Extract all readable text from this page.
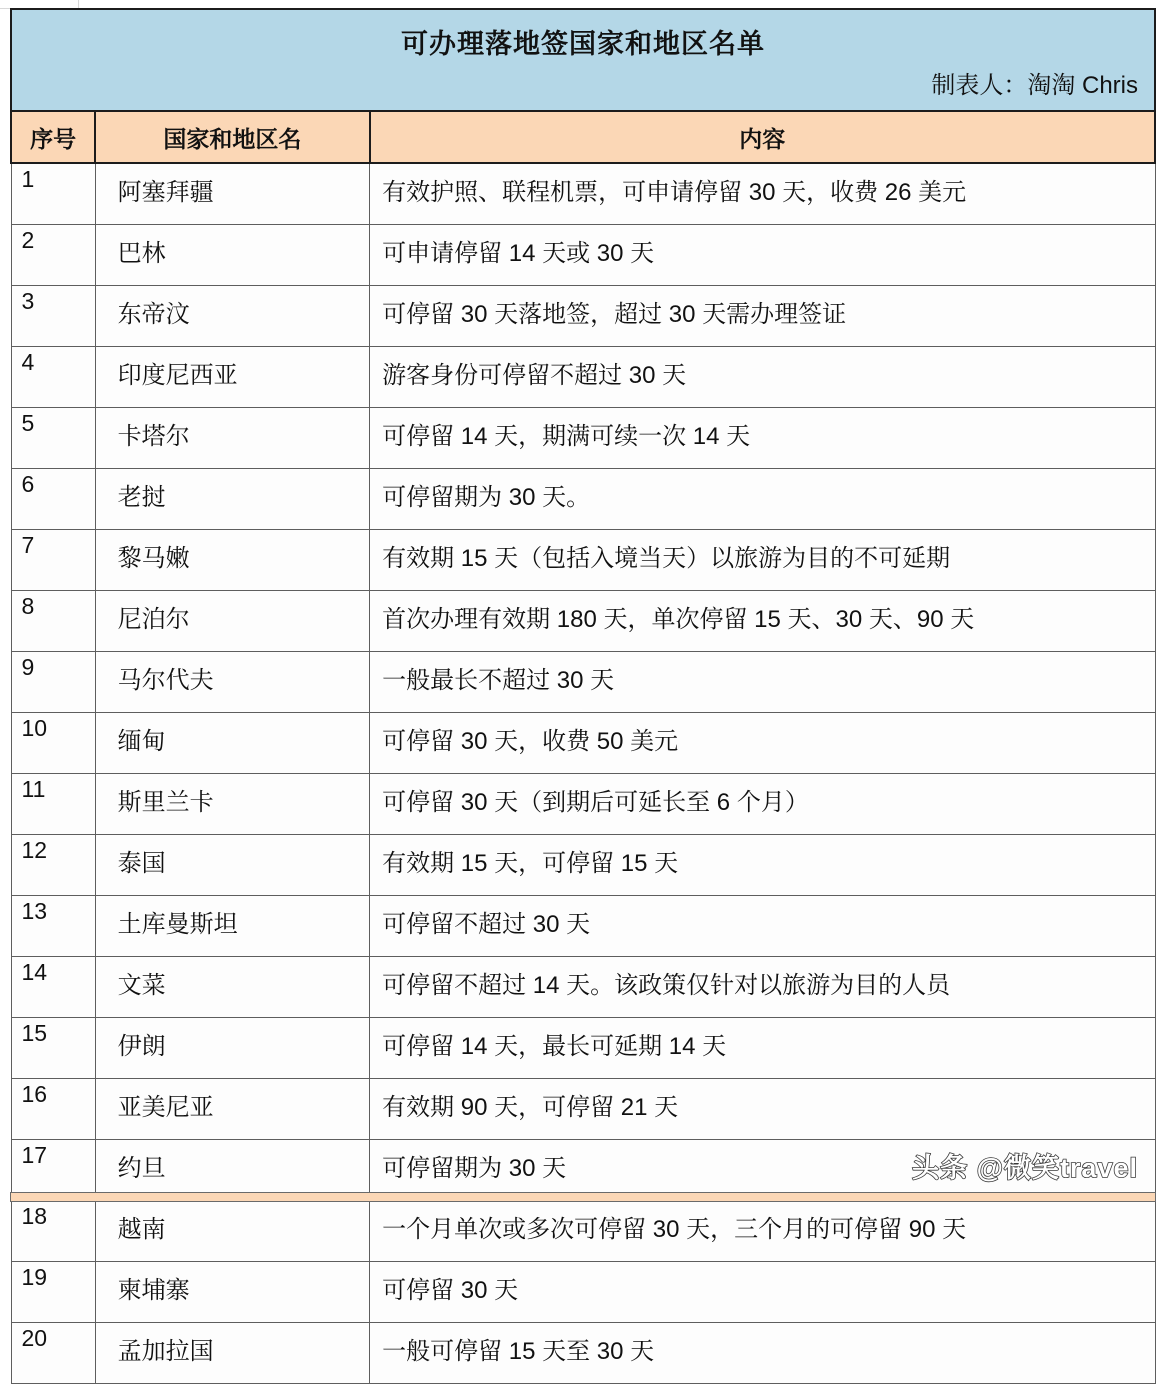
可办理落地签国家和地区名单
制表人：淘淘 Chris		

序号	国家和地区名	内容

1	阿塞拜疆	有效护照、联程机票，可申请停留 30 天，收费 26 美元
2	巴林	可申请停留 14 天或 30 天
3	东帝汶	可停留 30 天落地签，超过 30 天需办理签证
4	印度尼西亚	游客身份可停留不超过 30 天
5	卡塔尔	可停留 14 天，期满可续一次 14 天
6	老挝	可停留期为 30 天。
7	黎马嫩	有效期 15 天（包括入境当天）以旅游为目的不可延期
8	尼泊尔	首次办理有效期 180 天，单次停留 15 天、30 天、90 天
9	马尔代夫	一般最长不超过 30 天
10	缅甸	可停留 30 天，收费 50 美元
11	斯里兰卡	可停留 30 天（到期后可延长至 6 个月）
12	泰国	有效期 15 天，可停留 15 天
13	土库曼斯坦	可停留不超过 30 天
14	文菜	可停留不超过 14 天。该政策仅针对以旅游为目的人员
15	伊朗	可停留 14 天，最长可延期 14 天
16	亚美尼亚	有效期 90 天，可停留 21 天
17	约旦	可停留期为 30 天
18	越南	一个月单次或多次可停留 30 天，三个月的可停留 90 天
19	柬埔寨	可停留 30 天
20	孟加拉国	一般可停留 15 天至 30 天
头条 @微笑travel
